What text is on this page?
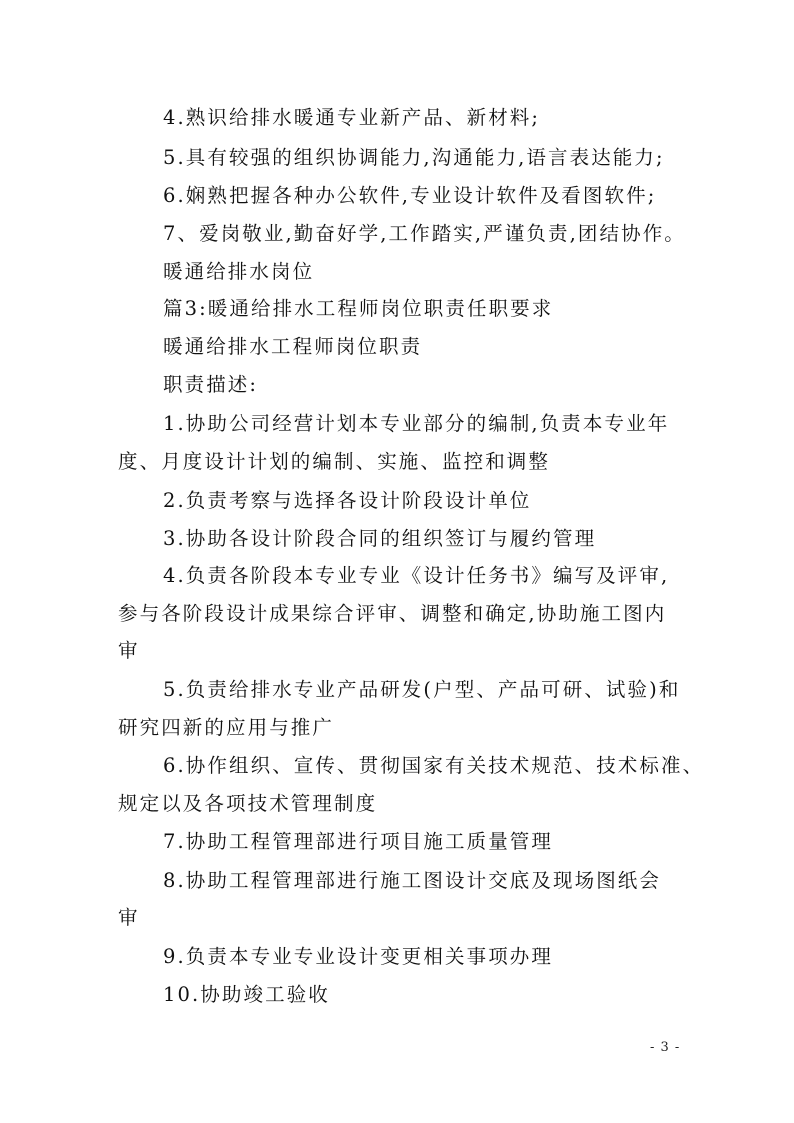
4.熟识给排水暖通专业新产品、新材料;
5.具有较强的组织协调能力,沟通能力,语言表达能力;
6.娴熟把握各种办公软件,专业设计软件及看图软件;
7、爱岗敬业,勤奋好学,工作踏实,严谨负责,团结协作。
暖通给排水岗位
篇3:暖通给排水工程师岗位职责任职要求
暖通给排水工程师岗位职责
职责描述:
1.协助公司经营计划本专业部分的编制,负责本专业年
度、月度设计计划的编制、实施、监控和调整
2.负责考察与选择各设计阶段设计单位
3.协助各设计阶段合同的组织签订与履约管理
4.负责各阶段本专业专业《设计任务书》编写及评审,
参与各阶段设计成果综合评审、调整和确定,协助施工图内
审
5.负责给排水专业产品研发(户型、产品可研、试验)和
研究四新的应用与推广
6.协作组织、宣传、贯彻国家有关技术规范、技术标准、
规定以及各项技术管理制度
7.协助工程管理部进行项目施工质量管理
8.协助工程管理部进行施工图设计交底及现场图纸会
审
9.负责本专业专业设计变更相关事项办理
10.协助竣工验收
- 3 -
